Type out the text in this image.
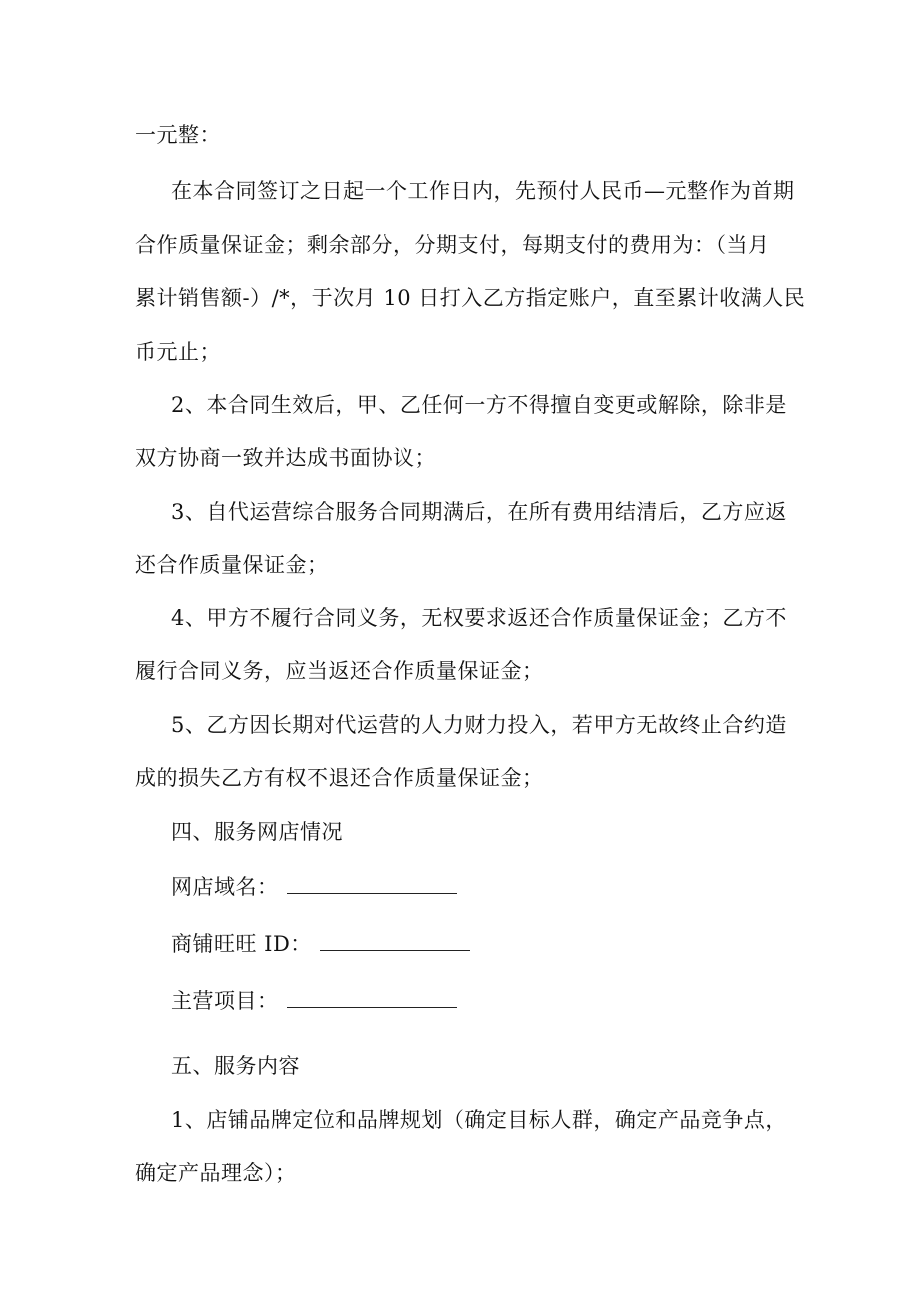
一元整：
在本合同签订之日起一个工作日内，先预付人民币—元整作为首期
合作质量保证金；剩余部分，分期支付，每期支付的费用为：（当月
累计销售额-）/*，于次月 10 日打入乙方指定账户，直至累计收满人民
币元止；
2、本合同生效后，甲、乙任何一方不得擅自变更或解除，除非是
双方协商一致并达成书面协议；
3、自代运营综合服务合同期满后，在所有费用结清后，乙方应返
还合作质量保证金；
4、甲方不履行合同义务，无权要求返还合作质量保证金；乙方不
履行合同义务，应当返还合作质量保证金；
5、乙方因长期对代运营的人力财力投入，若甲方无故终止合约造
成的损失乙方有权不退还合作质量保证金；
四、服务网店情况
网店域名：
商铺旺旺 ID：
主营项目：
五、服务内容
1、店铺品牌定位和品牌规划（确定目标人群，确定产品竞争点，
确定产品理念）；
